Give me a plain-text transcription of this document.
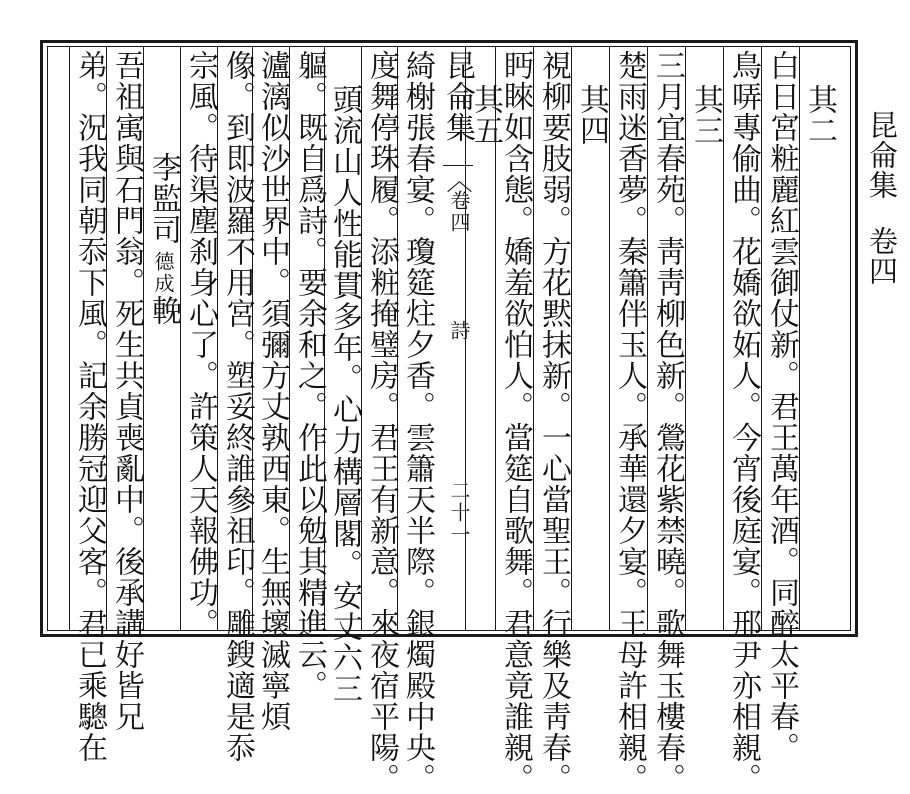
昆侖集卷四
昆侖集
︿
卷四
詩
二十一
其二
白日宮粧麗紅雲御仗新。君王萬年酒。同醉太平春。
鳥哢專偷曲。花嬌欲妬人。今宵後庭宴。邢尹亦相親。
其三
三月宜春苑。靑靑柳色新。鶯花紫禁曉。歌舞玉樓春。
楚雨迷香夢。秦簫伴玉人。承華還夕宴。王母許相親。
其四
視柳要肢弱。方花黙抹新。一心當聖王。行樂及靑春。
眄睞如含態。嬌羞欲怕人。當筵自歌舞。君意竟誰親。
其五
綺榭張春宴。瓊筵炷夕香。雲簫天半際。銀燭殿中央。
度舞停珠履。添粧掩璧房。君王有新意。來夜宿平陽。
頭流山人性能貫多年。心力構層閣。安丈六三
軀。既自爲詩。要余和之。作此以勉其精進云。
瀘漓似沙世界中。須彌方丈孰西東。生無壞滅寧煩
像。到即波羅不用宮。塑妥終誰參祖印。雕鎪適是忝
宗風。待渠塵刹身心了。許策人天報佛功。
李監司德成輓
吾祖㝢與石門翁。死生共貞喪亂中。後承講好皆兄
弟。況我同朝忝下風。記余勝冠迎父客。君已乘驄在
